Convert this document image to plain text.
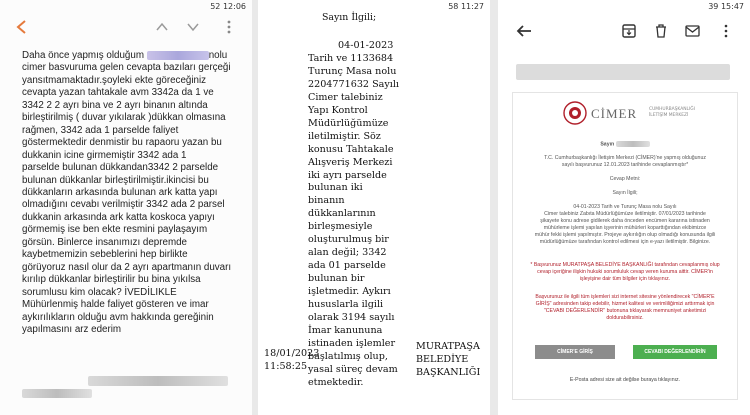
52 12:06
Daha önce yapmış olduğum	nolu
cimer basvuruma gelen cevapta bazıları gerçeği
yansıtmamaktadır.şoyleki ekte göreceğiniz
cevapta yazan tahtakale avm 3342a da 1 ve
3342 2 2 ayrı bina ve 2 ayrı binanın altında
birleştirilmiş ( duvar yıkılarak )dükkan olmasına
rağmen, 3342 ada 1 parselde faliyet
göstermektedir denmistir bu rapaoru yazan bu
dukkanin icine girmemiştir 3342 ada 1
parselde bulunan dükkandan3342 2 parselde
bulunan dükkanlar birleştirilmiştir.ikincisi bu
dükkanların arkasında bulunan ark katta yapı
olmadığını cevabı verilmiştir 3342 ada 2 parsel
dukkanin arkasında ark katta koskoca yapıyı
görmemiş ise ben ekte resmini paylaşayım
görsün. Binlerce insanımızı depremde
kaybetmemizin sebeblerini hep birlikte
görüyoruz nasıl olur da 2 ayrı apartmanın duvarı
kırılıp dükkanlar birleştirilir bu bina yıkılsa
sorumlusu kim olacak? İVEDİLIKLE
Mühürlenmiş halde faliyet gösteren ve imar
aykırılıkların olduğu avm hakkında gereğinin
yapılmasını arz ederim
58 11:27
Sayın İlgili;
04-01-2023
Tarih ve 1133684
Turunç Masa nolu
2204771632 Sayılı
Cimer talebiniz
Yapı Kontrol
Müdürlüğümüze
iletilmiştir. Söz
konusu Tahtakale
Alışveriş Merkezi
iki ayrı parselde
bulunan iki
binanın
dükkanlarının
birleşmesiyle
oluşturulmuş bir
alan değil; 3342
ada 01 parselde
bulunan bir
işletmedir. Aykırı
hususlarla ilgili
olarak 3194 sayılı
İmar kanununa
istinaden işlemler
başlatılmış olup,
yasal süreç devam
etmektedir.
18/01/2023
11:58:25
MURATPAŞA
BELEDİYE
BAŞKANLIĞI
39 15:47
CİMER	CUMHURBAŞKANLIĞI
İLETİŞİM MERKEZİ
Sayın
T.C. Cumhurbaşkanlığı İletişim Merkezi (CİMER)'ne yapmış olduğunuz
sayılı başvurunuz 12.01.2023 tarihinde cevaplanmıştır*
Cevap Metni:
Sayın İlgili;
04-01-2023 Tarih ve Turunç Masa nolu Sayılı
Cimer talebiniz Zabıta Müdürlüğümüze iletilmiştir. 07/01/2023 tarihinde
şikayete konu adrese gidilerek daha önceden encümen kararına istinaden
mühürleme işlemi yapılan işyerinin mühürleri koparttığından ekibimizce
mühür fekki işlemi yapılmıştır. Projeye aykırılığın olup olmadığı konusunda ilgili
müdürlüğümüze tarafından kontrol edilmesi için e-yazı iletilmiştir. Bilginize.
* Başvurunuz MURATPAŞA BELEDİYE BAŞKANLIĞI tarafından cevaplanmış olup
cevap içeriğine ilişkin hukuki sorumluluk cevap veren kuruma aittir. CİMER'in
işleyişine dair tüm bilgiler için tıklayınız.
Başvurunuz ile ilgili tüm işlemleri sizi internet sitesine yönlendirecek "CİMER'E
GİRİŞ" adresinden takip edebilir, hizmet kalitesi ve verimliliğimizi arttırmak için
"CEVABI DEĞERLENDİR" butonuna tıklayarak memnuniyet anketimizi
doldurabilirsiniz.
CİMER'E GİRİŞ	CEVABI DEĞERLENDİRİN
E-Posta adresi size ait değilse buraya tıklayınız.
